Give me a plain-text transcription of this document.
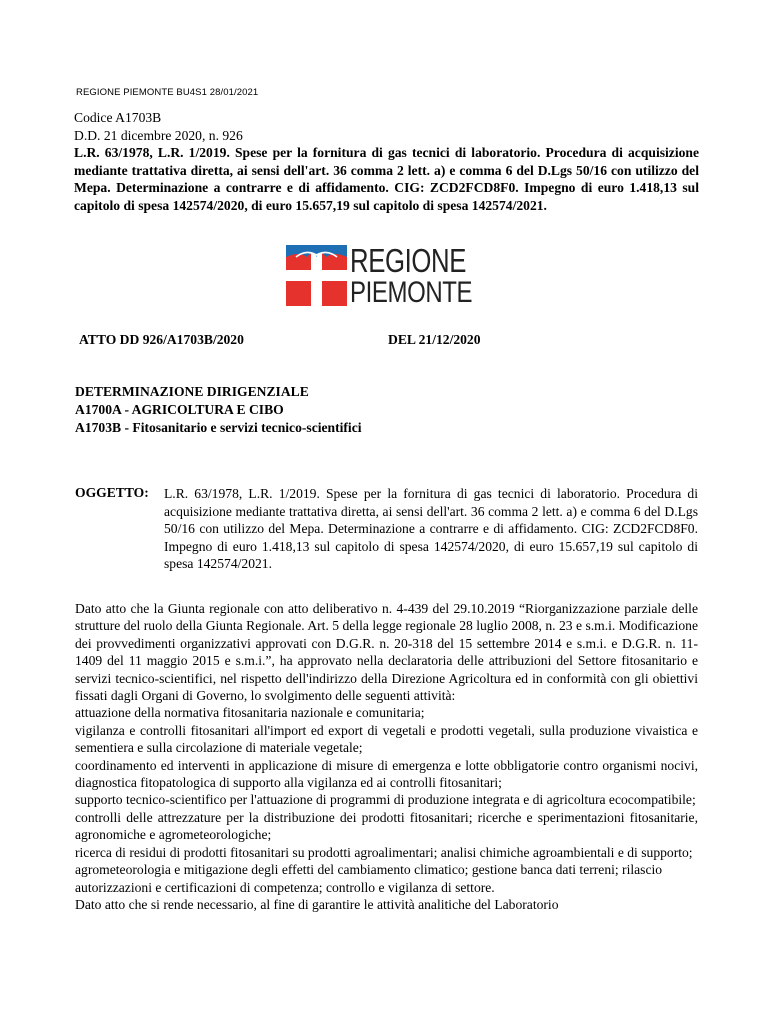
REGIONE PIEMONTE BU4S1 28/01/2021
Codice A1703B
D.D. 21 dicembre 2020, n. 926
L.R. 63/1978, L.R. 1/2019. Spese per la fornitura di gas tecnici di laboratorio. Procedura di acquisizione mediante trattativa diretta, ai sensi dell'art. 36 comma 2 lett. a) e comma 6 del D.Lgs 50/16 con utilizzo del Mepa. Determinazione a contrarre e di affidamento. CIG: ZCD2FCD8F0. Impegno di euro 1.418,13 sul capitolo di spesa 142574/2020, di euro 15.657,19 sul capitolo di spesa 142574/2021.
REGIONE
PIEMONTE
ATTO DD 926/A1703B/2020	DEL 21/12/2020
DETERMINAZIONE DIRIGENZIALE
A1700A - AGRICOLTURA E CIBO
A1703B - Fitosanitario e servizi tecnico-scientifici
OGGETTO: L.R. 63/1978, L.R. 1/2019. Spese per la fornitura di gas tecnici di laboratorio. Procedura di acquisizione mediante trattativa diretta, ai sensi dell'art. 36 comma 2 lett. a) e comma 6 del D.Lgs 50/16 con utilizzo del Mepa. Determinazione a contrarre e di affidamento. CIG: ZCD2FCD8F0. Impegno di euro 1.418,13 sul capitolo di spesa 142574/2020, di euro 15.657,19 sul capitolo di spesa 142574/2021.
Dato atto che la Giunta regionale con atto deliberativo n. 4-439 del 29.10.2019 “Riorganizzazione parziale delle strutture del ruolo della Giunta Regionale. Art. 5 della legge regionale 28 luglio 2008, n. 23 e s.m.i. Modificazione dei provvedimenti organizzativi approvati con D.G.R. n. 20-318 del 15 settembre 2014 e s.m.i. e D.G.R. n. 11-1409 del 11 maggio 2015 e s.m.i.”, ha approvato nella declaratoria delle attribuzioni del Settore fitosanitario e servizi tecnico-scientifici, nel rispetto dell'indirizzo della Direzione Agricoltura ed in conformità con gli obiettivi fissati dagli Organi di Governo, lo svolgimento delle seguenti attività:
attuazione della normativa fitosanitaria nazionale e comunitaria;
vigilanza e controlli fitosanitari all'import ed export di vegetali e prodotti vegetali, sulla produzione vivaistica e sementiera e sulla circolazione di materiale vegetale;
coordinamento ed interventi in applicazione di misure di emergenza e lotte obbligatorie contro organismi nocivi, diagnostica fitopatologica di supporto alla vigilanza ed ai controlli fitosanitari;
supporto tecnico-scientifico per l'attuazione di programmi di produzione integrata e di agricoltura ecocompatibile;
controlli delle attrezzature per la distribuzione dei prodotti fitosanitari; ricerche e sperimentazioni fitosanitarie, agronomiche e agrometeorologiche;
ricerca di residui di prodotti fitosanitari su prodotti agroalimentari; analisi chimiche agroambientali e di supporto;
agrometeorologia e mitigazione degli effetti del cambiamento climatico; gestione banca dati terreni; rilascio autorizzazioni e certificazioni di competenza; controllo e vigilanza di settore.
Dato atto che si rende necessario, al fine di garantire le attività analitiche del Laboratorio
